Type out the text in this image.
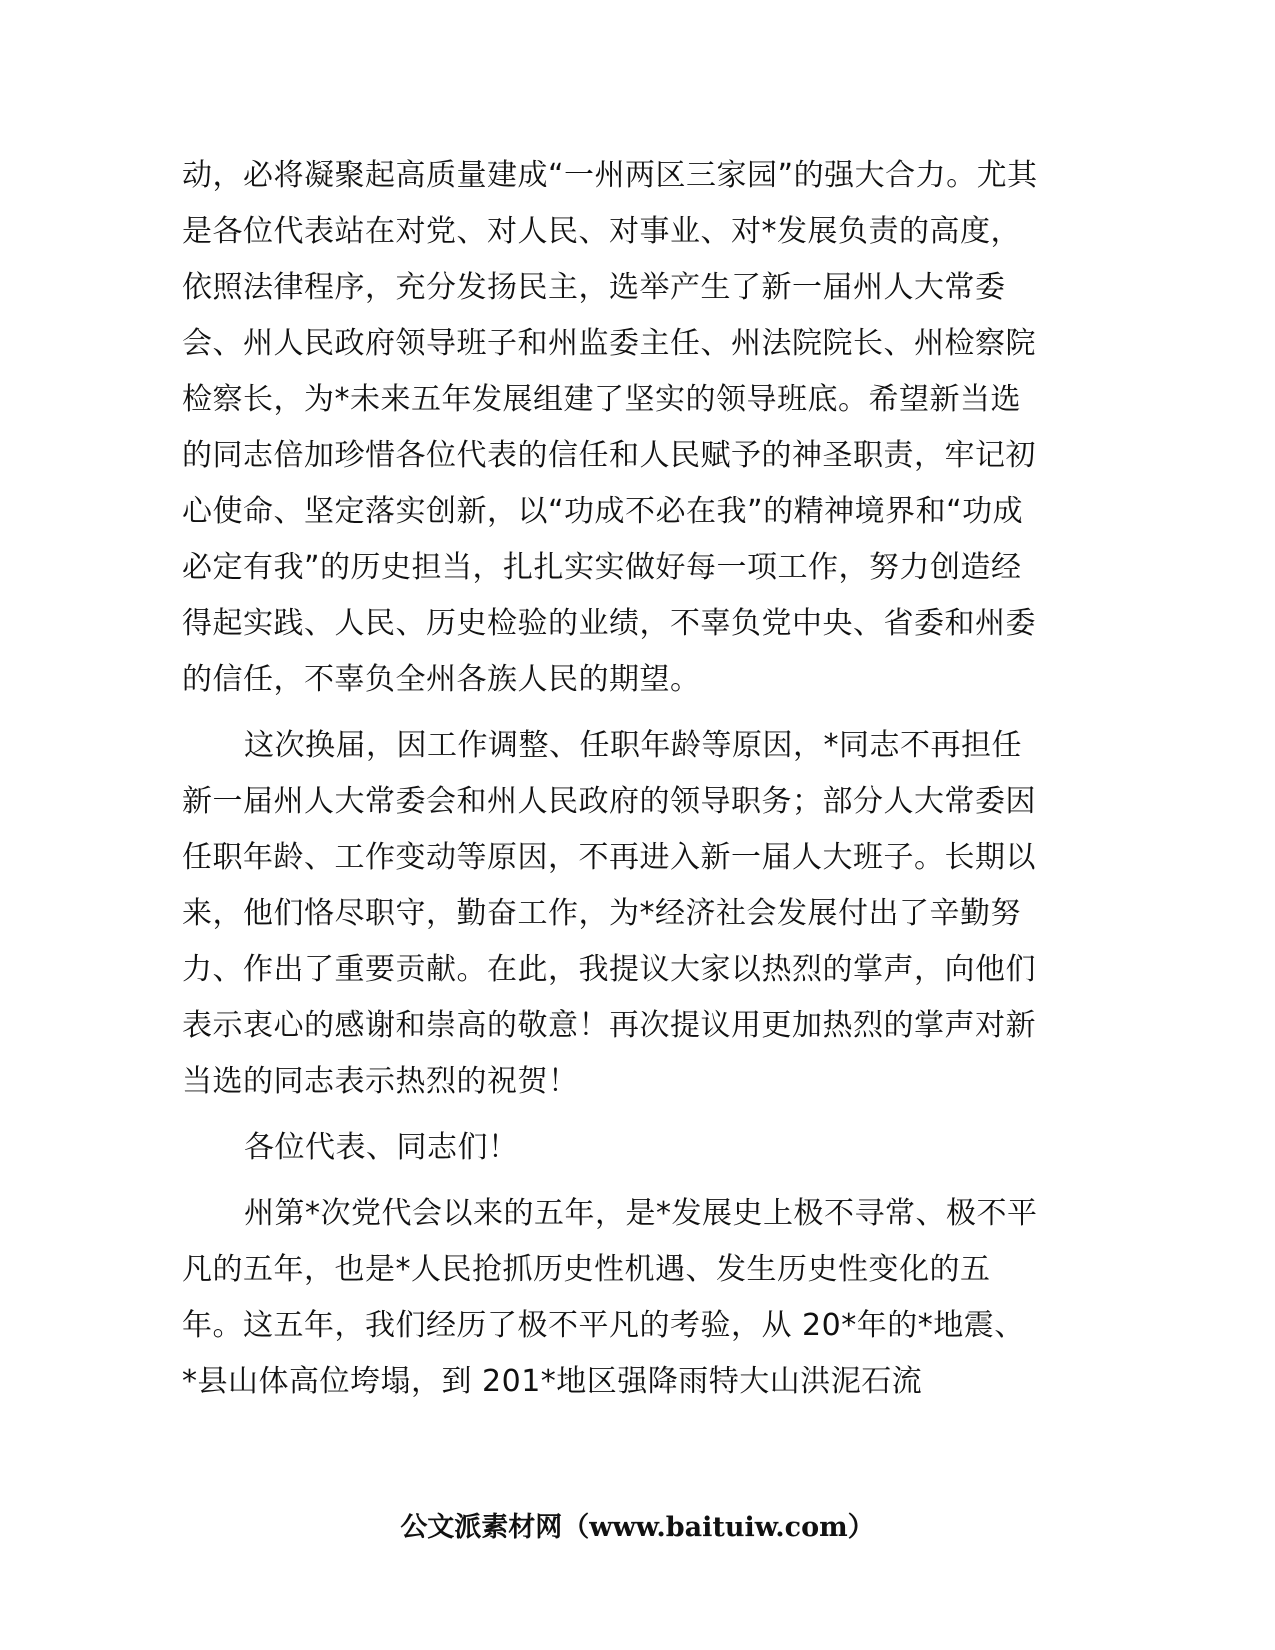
动，必将凝聚起高质量建成“一州两区三家园”的强大合力。尤其是各位代表站在对党、对人民、对事业、对*发展负责的高度，依照法律程序，充分发扬民主，选举产生了新一届州人大常委会、州人民政府领导班子和州监委主任、州法院院长、州检察院检察长，为*未来五年发展组建了坚实的领导班底。希望新当选的同志倍加珍惜各位代表的信任和人民赋予的神圣职责，牢记初心使命、坚定落实创新，以“功成不必在我”的精神境界和“功成必定有我”的历史担当，扎扎实实做好每一项工作，努力创造经得起实践、人民、历史检验的业绩，不辜负党中央、省委和州委的信任，不辜负全州各族人民的期望。

这次换届，因工作调整、任职年龄等原因，*同志不再担任新一届州人大常委会和州人民政府的领导职务；部分人大常委因任职年龄、工作变动等原因，不再进入新一届人大班子。长期以来，他们恪尽职守，勤奋工作，为*经济社会发展付出了辛勤努力、作出了重要贡献。在此，我提议大家以热烈的掌声，向他们表示衷心的感谢和崇高的敬意！再次提议用更加热烈的掌声对新当选的同志表示热烈的祝贺！

各位代表、同志们！

州第*次党代会以来的五年，是*发展史上极不寻常、极不平凡的五年，也是*人民抢抓历史性机遇、发生历史性变化的五年。这五年，我们经历了极不平凡的考验，从 20*年的*地震、*县山体高位垮塌，到 201*地区强降雨特大山洪泥石流

公文派素材网（www.baituiw.com）
